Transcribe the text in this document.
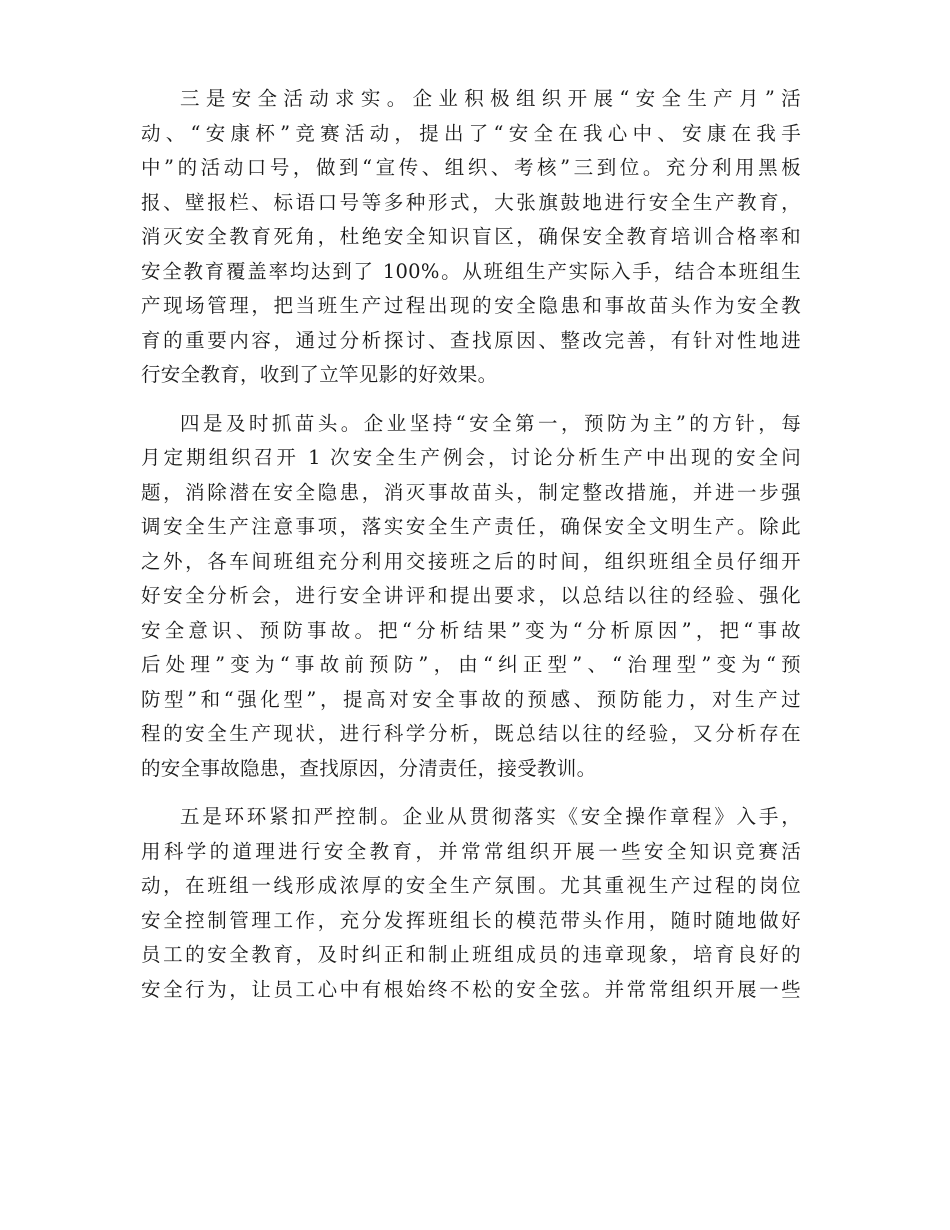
三是安全活动求实。企业积极组织开展“安全生产月”活
动、“安康杯”竞赛活动，提出了“安全在我心中、安康在我手
中”的活动口号，做到“宣传、组织、考核”三到位。充分利用黑板
报、壁报栏、标语口号等多种形式，大张旗鼓地进行安全生产教育，
消灭安全教育死角，杜绝安全知识盲区，确保安全教育培训合格率和
安全教育覆盖率均达到了 100%。从班组生产实际入手，结合本班组生
产现场管理，把当班生产过程出现的安全隐患和事故苗头作为安全教
育的重要内容，通过分析探讨、查找原因、整改完善，有针对性地进
行安全教育，收到了立竿见影的好效果。
四是及时抓苗头。企业坚持“安全第一，预防为主”的方针，每
月定期组织召开 1 次安全生产例会，讨论分析生产中出现的安全问
题，消除潜在安全隐患，消灭事故苗头，制定整改措施，并进一步强
调安全生产注意事项，落实安全生产责任，确保安全文明生产。除此
之外，各车间班组充分利用交接班之后的时间，组织班组全员仔细开
好安全分析会，进行安全讲评和提出要求，以总结以往的经验、强化
安全意识、预防事故。把“分析结果”变为“分析原因”，把“事故
后处理”变为“事故前预防”，由“纠正型”、“治理型”变为“预
防型”和“强化型”，提高对安全事故的预感、预防能力，对生产过
程的安全生产现状，进行科学分析，既总结以往的经验，又分析存在
的安全事故隐患，查找原因，分清责任，接受教训。
五是环环紧扣严控制。企业从贯彻落实《安全操作章程》入手，
用科学的道理进行安全教育，并常常组织开展一些安全知识竞赛活
动，在班组一线形成浓厚的安全生产氛围。尤其重视生产过程的岗位
安全控制管理工作，充分发挥班组长的模范带头作用，随时随地做好
员工的安全教育，及时纠正和制止班组成员的违章现象，培育良好的
安全行为，让员工心中有根始终不松的安全弦。并常常组织开展一些
